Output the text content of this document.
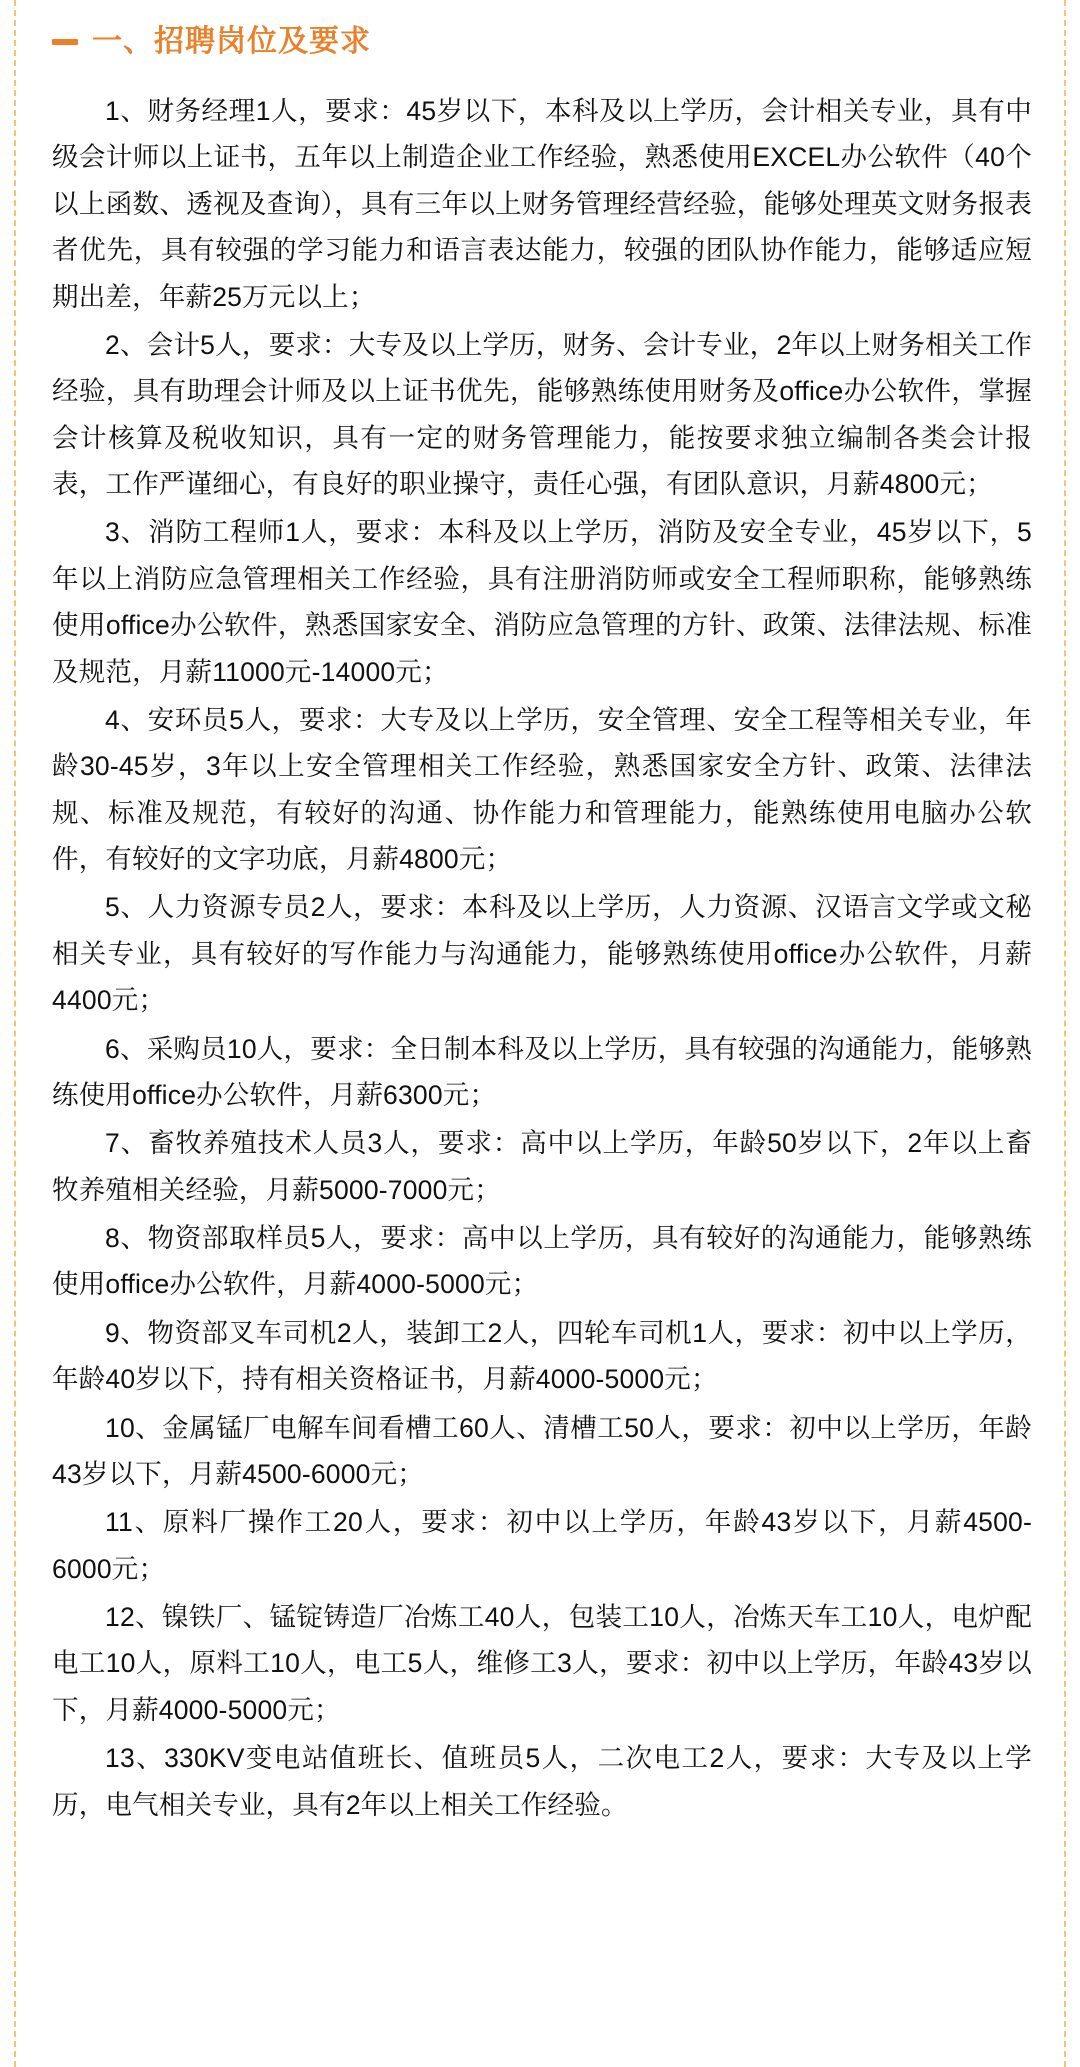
一、招聘岗位及要求

1、财务经理1人，要求：45岁以下，本科及以上学历，会计相关专业，具有中级会计师以上证书，五年以上制造企业工作经验，熟悉使用EXCEL办公软件（40个以上函数、透视及查询），具有三年以上财务管理经营经验，能够处理英文财务报表者优先，具有较强的学习能力和语言表达能力，较强的团队协作能力，能够适应短期出差，年薪25万元以上；

2、会计5人，要求：大专及以上学历，财务、会计专业，2年以上财务相关工作经验，具有助理会计师及以上证书优先，能够熟练使用财务及office办公软件，掌握会计核算及税收知识，具有一定的财务管理能力，能按要求独立编制各类会计报表，工作严谨细心，有良好的职业操守，责任心强，有团队意识，月薪4800元；

3、消防工程师1人，要求：本科及以上学历，消防及安全专业，45岁以下，5年以上消防应急管理相关工作经验，具有注册消防师或安全工程师职称，能够熟练使用office办公软件，熟悉国家安全、消防应急管理的方针、政策、法律法规、标准及规范，月薪11000元-14000元；

4、安环员5人，要求：大专及以上学历，安全管理、安全工程等相关专业，年龄30-45岁，3年以上安全管理相关工作经验，熟悉国家安全方针、政策、法律法规、标准及规范，有较好的沟通、协作能力和管理能力，能熟练使用电脑办公软件，有较好的文字功底，月薪4800元；

5、人力资源专员2人，要求：本科及以上学历，人力资源、汉语言文学或文秘相关专业，具有较好的写作能力与沟通能力，能够熟练使用office办公软件，月薪4400元；

6、采购员10人，要求：全日制本科及以上学历，具有较强的沟通能力，能够熟练使用office办公软件，月薪6300元；

7、畜牧养殖技术人员3人，要求：高中以上学历，年龄50岁以下，2年以上畜牧养殖相关经验，月薪5000-7000元；

8、物资部取样员5人，要求：高中以上学历，具有较好的沟通能力，能够熟练使用office办公软件，月薪4000-5000元；

9、物资部叉车司机2人，装卸工2人，四轮车司机1人，要求：初中以上学历，年龄40岁以下，持有相关资格证书，月薪4000-5000元；

10、金属锰厂电解车间看槽工60人、清槽工50人，要求：初中以上学历，年龄43岁以下，月薪4500-6000元；

11、原料厂操作工20人，要求：初中以上学历，年龄43岁以下，月薪4500-6000元；

12、镍铁厂、锰锭铸造厂冶炼工40人，包装工10人，冶炼天车工10人，电炉配电工10人，原料工10人，电工5人，维修工3人，要求：初中以上学历，年龄43岁以下，月薪4000-5000元；

13、330KV变电站值班长、值班员5人，二次电工2人，要求：大专及以上学历，电气相关专业，具有2年以上相关工作经验。
